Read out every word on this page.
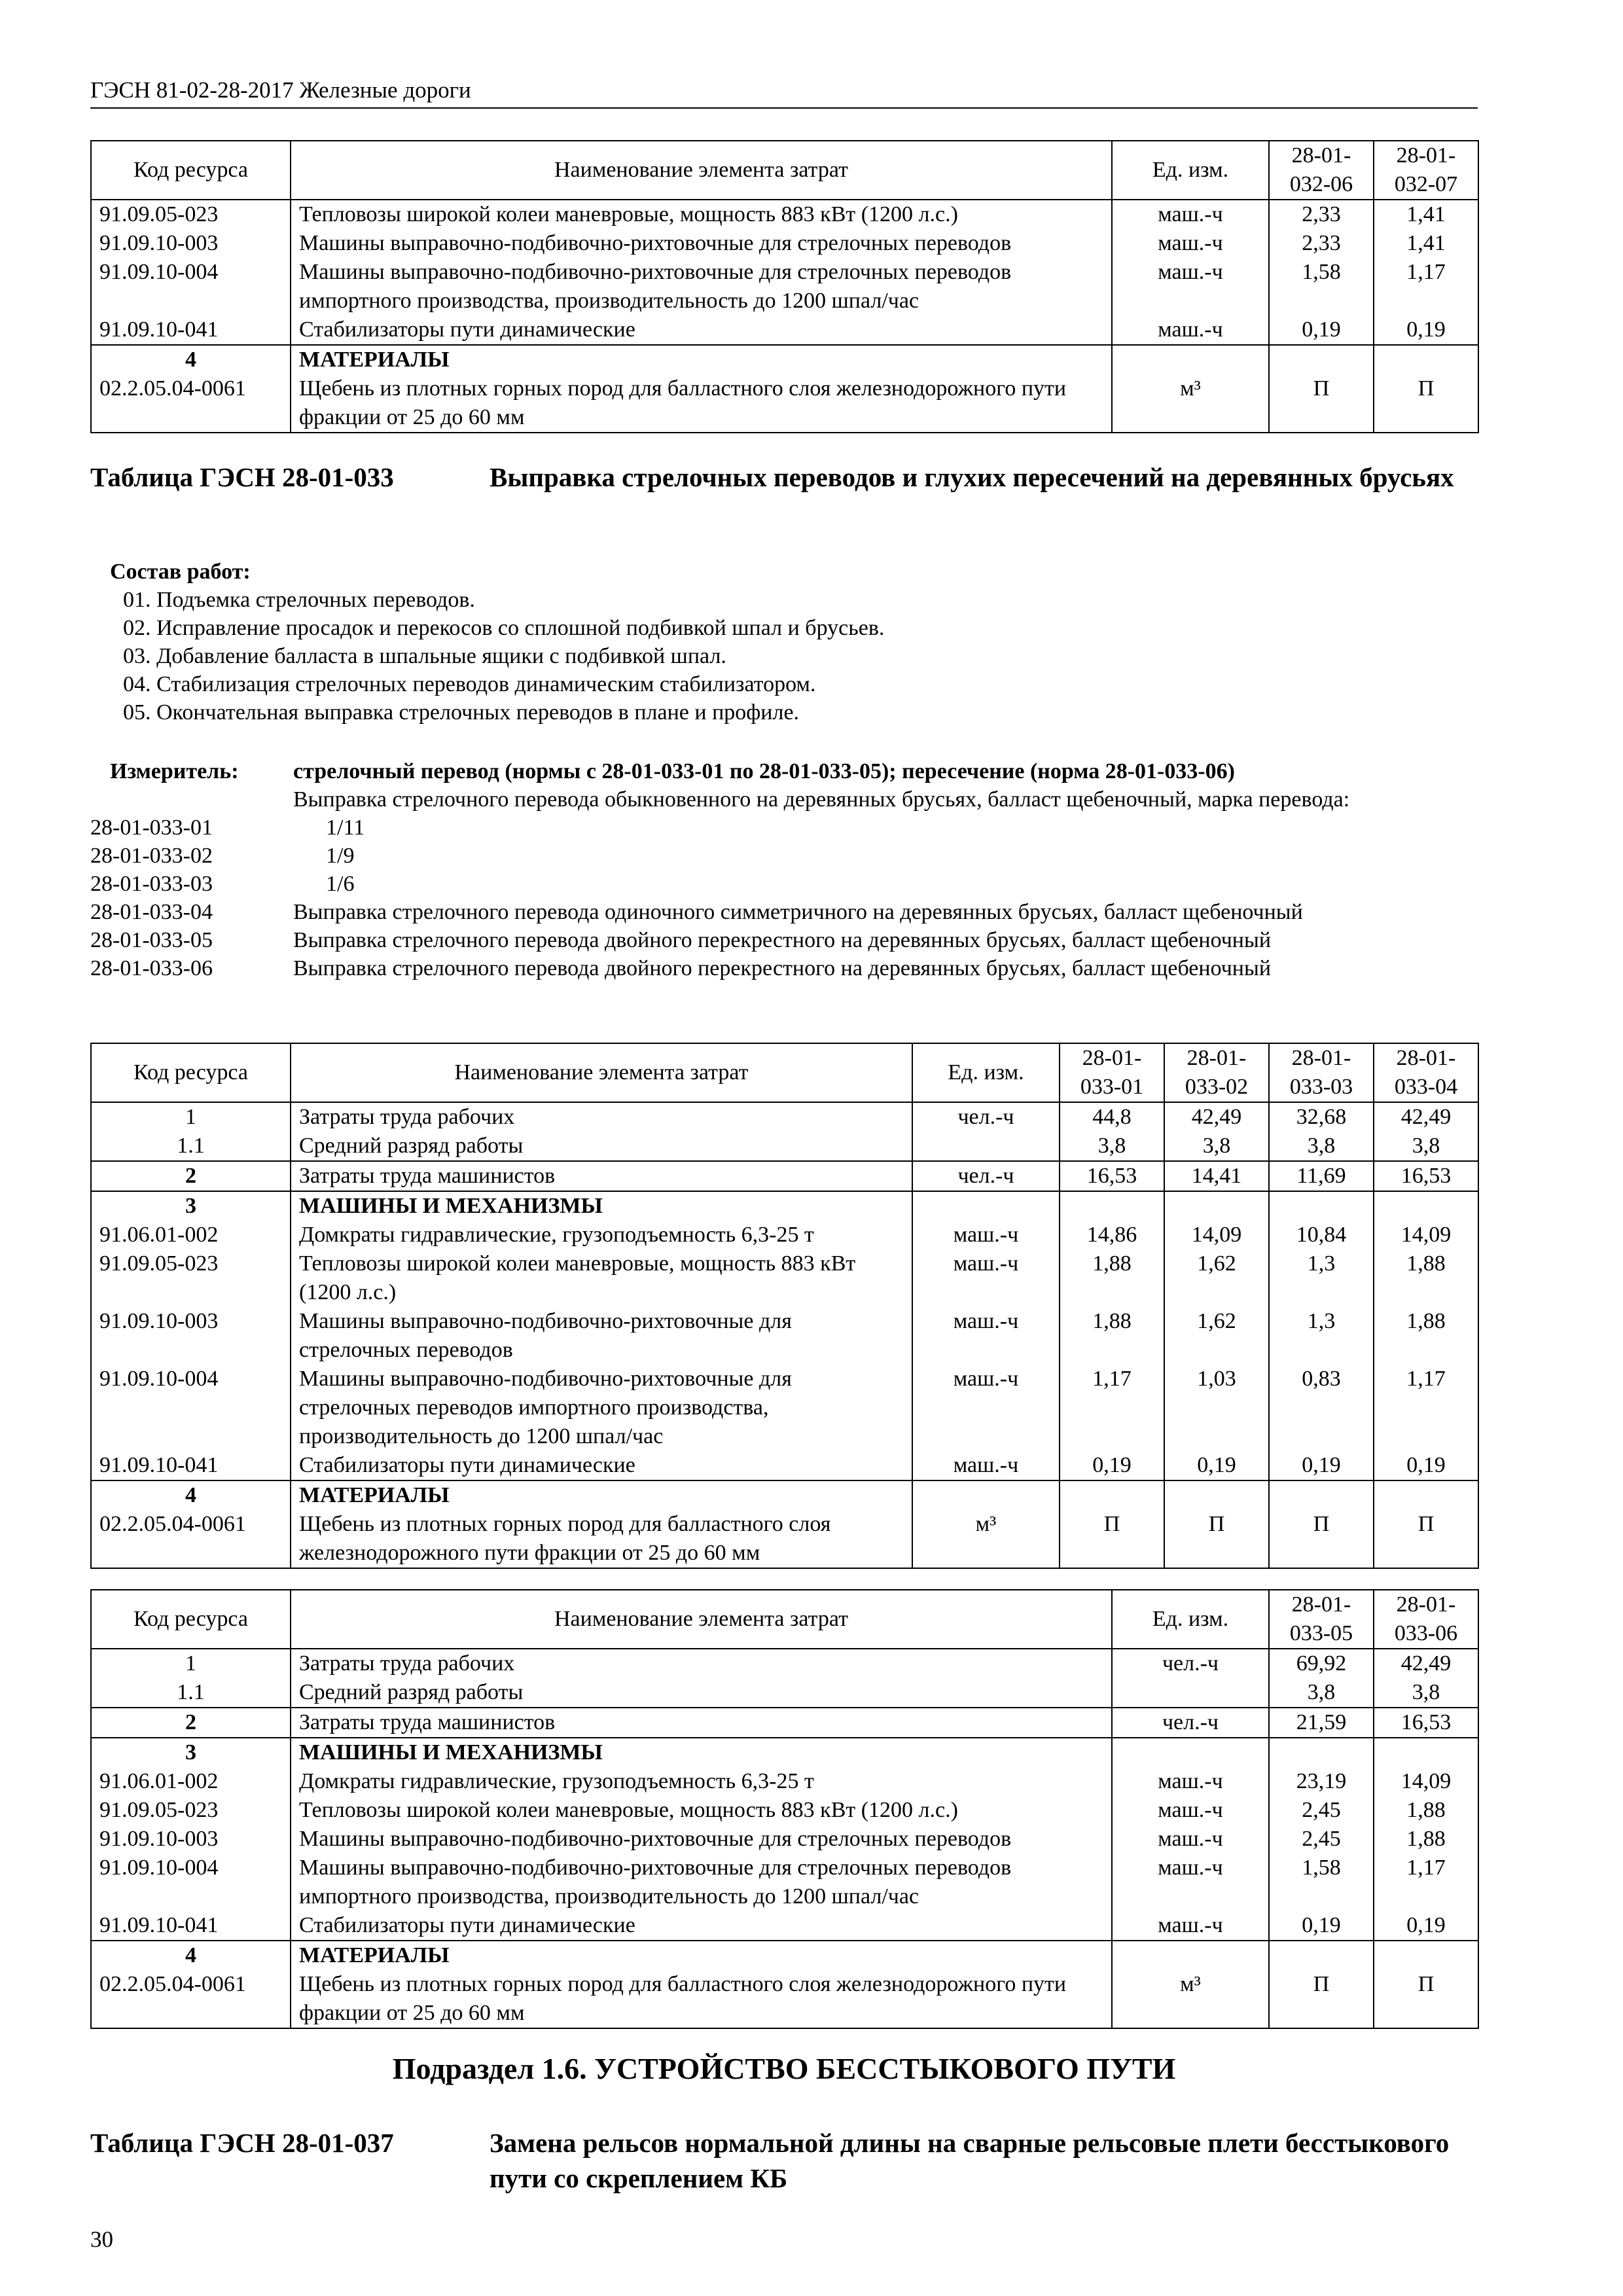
ГЭСН 81-02-28-2017 Железные дороги
Код ресурса	Наименование элемента затрат	Ед. изм.	28-01-032-06	28-01-032-07
91.09.05-023	Тепловозы широкой колеи маневровые, мощность 883 кВт (1200 л.с.)	маш.-ч	2,33	1,41
91.09.10-003	Машины выправочно-подбивочно-рихтовочные для стрелочных переводов	маш.-ч	2,33	1,41
91.09.10-004	Машины выправочно-подбивочно-рихтовочные для стрелочных переводов импортного производства, производительность до 1200 шпал/час	маш.-ч	1,58	1,17
91.09.10-041	Стабилизаторы пути динамические	маш.-ч	0,19	0,19
4	МАТЕРИАЛЫ			
02.2.05.04-0061	Щебень из плотных горных пород для балластного слоя железнодорожного пути фракции от 25 до 60 мм	м³	П	П
Таблица ГЭСН 28-01-033	Выправка стрелочных переводов и глухих пересечений на деревянных брусьях
Состав работ:
01. Подъемка стрелочных переводов.
02. Исправление просадок и перекосов со сплошной подбивкой шпал и брусьев.
03. Добавление балласта в шпальные ящики с подбивкой шпал.
04. Стабилизация стрелочных переводов динамическим стабилизатором.
05. Окончательная выправка стрелочных переводов в плане и профиле.
Измеритель:	стрелочный перевод (нормы с 28-01-033-01 по 28-01-033-05); пересечение (норма 28-01-033-06)
Выправка стрелочного перевода обыкновенного на деревянных брусьях, балласт щебеночный, марка перевода:
28-01-033-01	1/11
28-01-033-02	1/9
28-01-033-03	1/6
28-01-033-04	Выправка стрелочного перевода одиночного симметричного на деревянных брусьях, балласт щебеночный
28-01-033-05	Выправка стрелочного перевода двойного перекрестного на деревянных брусьях, балласт щебеночный
28-01-033-06	Выправка стрелочного перевода двойного перекрестного на деревянных брусьях, балласт щебеночный
Код ресурса	Наименование элемента затрат	Ед. изм.	28-01-033-01	28-01-033-02	28-01-033-03	28-01-033-04
1	Затраты труда рабочих	чел.-ч	44,8	42,49	32,68	42,49
1.1	Средний разряд работы		3,8	3,8	3,8	3,8
2	Затраты труда машинистов	чел.-ч	16,53	14,41	11,69	16,53
3	МАШИНЫ И МЕХАНИЗМЫ					
91.06.01-002	Домкраты гидравлические, грузоподъемность 6,3-25 т	маш.-ч	14,86	14,09	10,84	14,09
91.09.05-023	Тепловозы широкой колеи маневровые, мощность 883 кВт (1200 л.с.)	маш.-ч	1,88	1,62	1,3	1,88
91.09.10-003	Машины выправочно-подбивочно-рихтовочные для стрелочных переводов	маш.-ч	1,88	1,62	1,3	1,88
91.09.10-004	Машины выправочно-подбивочно-рихтовочные для стрелочных переводов импортного производства, производительность до 1200 шпал/час	маш.-ч	1,17	1,03	0,83	1,17
91.09.10-041	Стабилизаторы пути динамические	маш.-ч	0,19	0,19	0,19	0,19
4	МАТЕРИАЛЫ					
02.2.05.04-0061	Щебень из плотных горных пород для балластного слоя железнодорожного пути фракции от 25 до 60 мм	м³	П	П	П	П
Код ресурса	Наименование элемента затрат	Ед. изм.	28-01-033-05	28-01-033-06
1	Затраты труда рабочих	чел.-ч	69,92	42,49
1.1	Средний разряд работы		3,8	3,8
2	Затраты труда машинистов	чел.-ч	21,59	16,53
3	МАШИНЫ И МЕХАНИЗМЫ			
91.06.01-002	Домкраты гидравлические, грузоподъемность 6,3-25 т	маш.-ч	23,19	14,09
91.09.05-023	Тепловозы широкой колеи маневровые, мощность 883 кВт (1200 л.с.)	маш.-ч	2,45	1,88
91.09.10-003	Машины выправочно-подбивочно-рихтовочные для стрелочных переводов	маш.-ч	2,45	1,88
91.09.10-004	Машины выправочно-подбивочно-рихтовочные для стрелочных переводов импортного производства, производительность до 1200 шпал/час	маш.-ч	1,58	1,17
91.09.10-041	Стабилизаторы пути динамические	маш.-ч	0,19	0,19
4	МАТЕРИАЛЫ			
02.2.05.04-0061	Щебень из плотных горных пород для балластного слоя железнодорожного пути фракции от 25 до 60 мм	м³	П	П
Подраздел 1.6. УСТРОЙСТВО БЕССТЫКОВОГО ПУТИ
Таблица ГЭСН 28-01-037	Замена рельсов нормальной длины на сварные рельсовые плети бесстыкового пути со скреплением КБ
30
